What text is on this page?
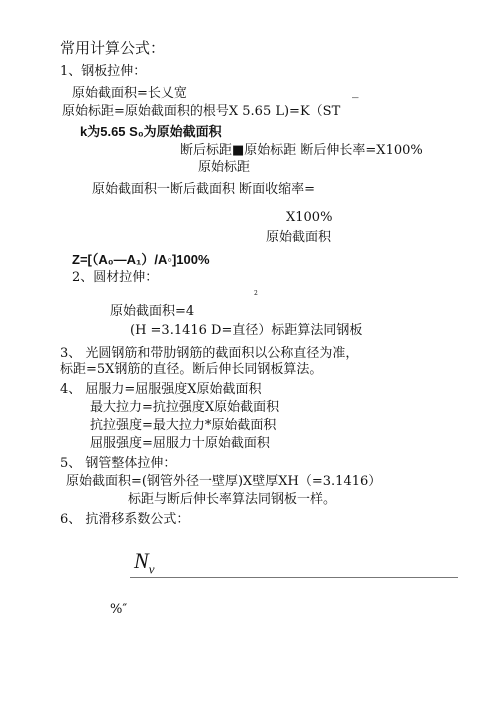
常用计算公式：
1、钢板拉伸：
原始截面积=长乂宽	_
原始标距=原始截面积的根号X 5.65 L)=K（ST
k为5.65 S₀为原始截面积
断后标距■原始标距 断后伸长率=Ⅹ100%
原始标距
原始截面积一断后截面积 断面收缩率=
Ⅹ100%
原始截面积
Z=[（A₀—A₁）/A◦]100%
2、圆材拉伸：
2
原始截面积=4
(H =3.1416 D=直径）标距算法同钢板
3、 光圆钢筋和带肋钢筋的截面积以公称直径为准，
标距=5X钢筋的直径。断后伸长同钢板算法。
4、 屈服力=屈服强度X原始截面积
最大拉力=抗拉强度X原始截面积
抗拉强度=最大拉力*原始截面积
屈服强度=屈服力十原始截面积
5、 钢管整体拉伸：
原始截面积=(钢管外径一壁厚)X壁厚XH（=3.1416）
标距与断后伸长率算法同钢板一样。
6、 抗滑移系数公式：
$N_v$
%″
